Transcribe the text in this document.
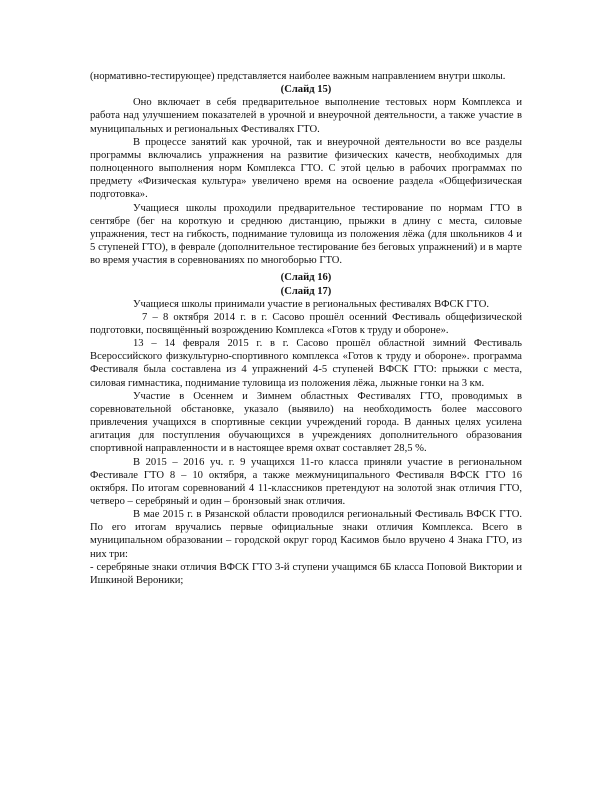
(нормативно-тестирующее) представляется наиболее важным направлением внутри школы.

(Слайд 15)

Оно включает в себя предварительное выполнение тестовых норм Комплекса и работа над улучшением показателей в урочной и внеурочной деятельности, а также участие в муниципальных и региональных Фестивалях ГТО.

В процессе занятий как урочной, так и внеурочной деятельности во все разделы программы включались упражнения на развитие физических качеств, необходимых для полноценного выполнения норм Комплекса ГТО. С этой целью в рабочих программах по предмету «Физическая культура» увеличено время на освоение раздела «Общефизическая подготовка».

Учащиеся школы проходили предварительное тестирование по нормам ГТО в сентябре (бег на короткую и среднюю дистанцию, прыжки в длину с места, силовые упражнения, тест на гибкость, поднимание туловища из положения лёжа (для школьников 4 и 5 ступеней ГТО), в феврале (дополнительное тестирование без беговых упражнений) и в марте во время участия в соревнованиях по многоборью ГТО.

(Слайд 16)

(Слайд 17)

Учащиеся школы принимали участие в региональных фестивалях ВФСК ГТО.

7 – 8 октября 2014 г. в г. Сасово прошёл осенний Фестиваль общефизической подготовки, посвящённый возрождению Комплекса «Готов к труду и обороне».

13 – 14 февраля 2015 г. в г. Сасово прошёл областной зимний Фестиваль Всероссийского физкультурно-спортивного комплекса «Готов к труду и обороне». программа Фестиваля была составлена из 4 упражнений 4-5 ступеней ВФСК ГТО: прыжки с места, силовая гимнастика, поднимание туловища из положения лёжа, лыжные гонки на 3 км.

Участие в Осеннем и Зимнем областных Фестивалях ГТО, проводимых в соревновательной обстановке, указало (выявило) на необходимость более массового привлечения учащихся в спортивные секции учреждений города. В данных целях усилена агитация для поступления обучающихся в учреждениях дополнительного образования спортивной направленности и в настоящее время охват составляет 28,5 %.

В 2015 – 2016 уч. г. 9 учащихся 11-го класса приняли участие в региональном Фестивале ГТО 8 – 10 октября, а также межмуниципального Фестиваля ВФСК ГТО 16 октября. По итогам соревнований 4 11-классников претендуют на золотой знак отличия ГТО, четверо – серебряный и один – бронзовый знак отличия.

В мае 2015 г. в Рязанской области проводился региональный Фестиваль ВФСК ГТО. По его итогам вручались первые официальные знаки отличия Комплекса. Всего в муниципальном образовании – городской округ город Касимов было вручено 4 Знака ГТО, из них три:

- серебряные знаки отличия ВФСК ГТО 3-й ступени учащимся 6Б класса Поповой Виктории и Ишкиной Вероники;
